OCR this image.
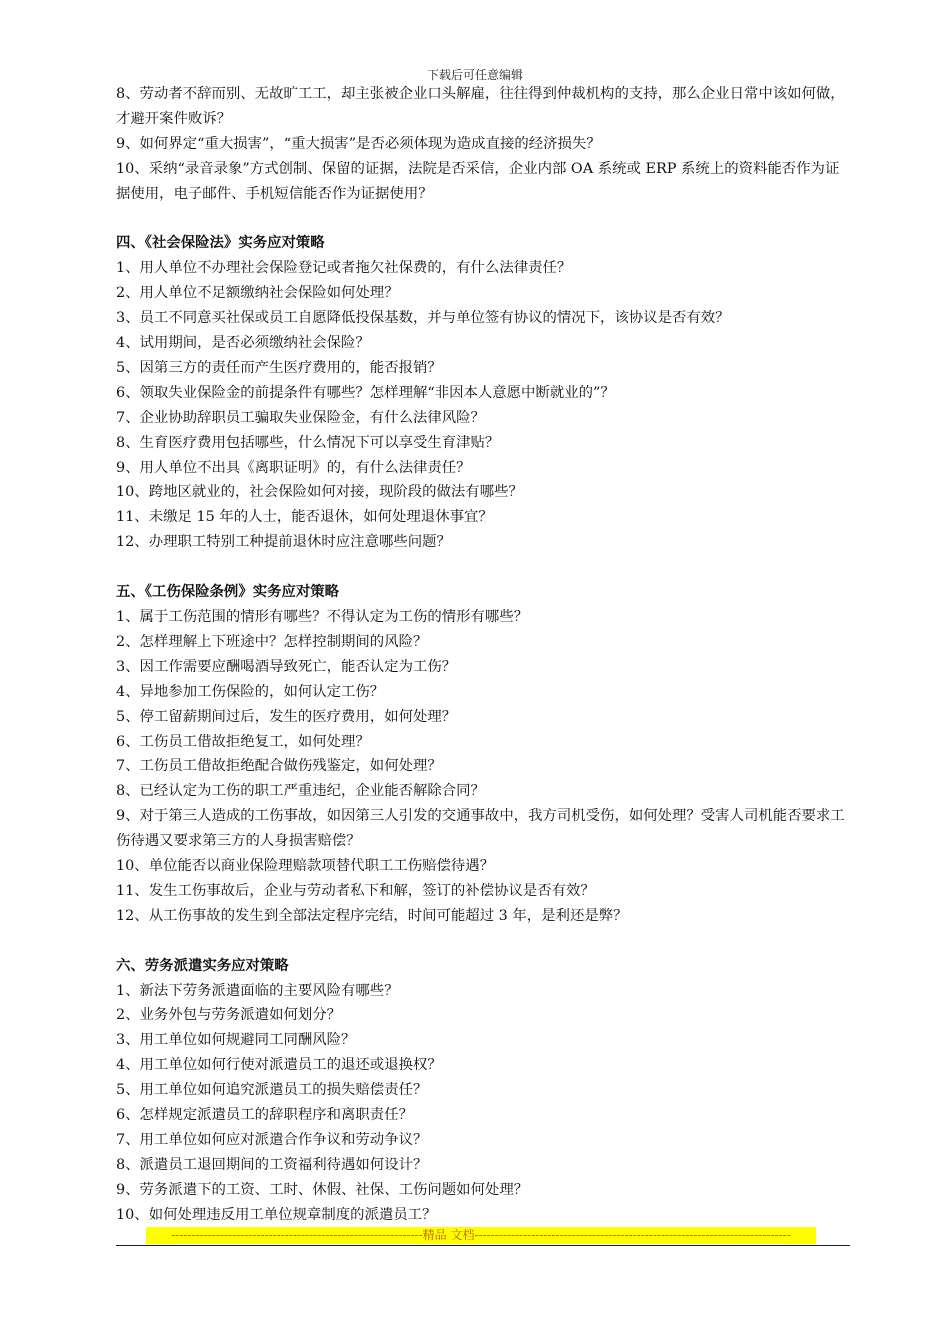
下载后可任意编辑

8、劳动者不辞而别、无故旷工工，却主张被企业口头解雇，往往得到仲裁机构的支持，那么企业日常中该如何做，才避开案件败诉？

9、如何界定“重大损害”，“重大损害”是否必须体现为造成直接的经济损失？

10、采纳“录音录象”方式创制、保留的证据，法院是否采信，企业内部 OA 系统或 ERP 系统上的资料能否作为证据使用，电子邮件、手机短信能否作为证据使用？

四、《社会保险法》实务应对策略

1、用人单位不办理社会保险登记或者拖欠社保费的，有什么法律责任？

2、用人单位不足额缴纳社会保险如何处理？

3、员工不同意买社保或员工自愿降低投保基数，并与单位签有协议的情况下，该协议是否有效？

4、试用期间，是否必须缴纳社会保险？

5、因第三方的责任而产生医疗费用的，能否报销？

6、领取失业保险金的前提条件有哪些？怎样理解“非因本人意愿中断就业的”？

7、企业协助辞职员工骗取失业保险金，有什么法律风险？

8、生育医疗费用包括哪些，什么情况下可以享受生育津贴？

9、用人单位不出具《离职证明》的，有什么法律责任？

10、跨地区就业的，社会保险如何对接，现阶段的做法有哪些？

11、未缴足 15 年的人士，能否退休，如何处理退休事宜？

12、办理职工特别工种提前退休时应注意哪些问题？

五、《工伤保险条例》实务应对策略

1、属于工伤范围的情形有哪些？不得认定为工伤的情形有哪些？

2、怎样理解上下班途中？怎样控制期间的风险？

3、因工作需要应酬喝酒导致死亡，能否认定为工伤？

4、异地参加工伤保险的，如何认定工伤？

5、停工留薪期间过后，发生的医疗费用，如何处理？

6、工伤员工借故拒绝复工，如何处理？

7、工伤员工借故拒绝配合做伤残鉴定，如何处理？

8、已经认定为工伤的职工严重违纪，企业能否解除合同？

9、对于第三人造成的工伤事故，如因第三人引发的交通事故中，我方司机受伤，如何处理？受害人司机能否要求工伤待遇又要求第三方的人身损害赔偿？

10、单位能否以商业保险理赔款项替代职工工伤赔偿待遇？

11、发生工伤事故后，企业与劳动者私下和解，签订的补偿协议是否有效？

12、从工伤事故的发生到全部法定程序完结，时间可能超过 3 年，是利还是弊？

六、劳务派遣实务应对策略

1、新法下劳务派遣面临的主要风险有哪些？

2、业务外包与劳务派遣如何划分？

3、用工单位如何规避同工同酬风险？

4、用工单位如何行使对派遣员工的退还或退换权？

5、用工单位如何追究派遣员工的损失赔偿责任？

6、怎样规定派遣员工的辞职程序和离职责任？

7、用工单位如何应对派遣合作争议和劳动争议？

8、派遣员工退回期间的工资福利待遇如何设计？

9、劳务派遣下的工资、工时、休假、社保、工伤问题如何处理？

10、如何处理违反用工单位规章制度的派遣员工？

--------------------------------------------------------------精品 文档------------------------------------------------------------------------------
